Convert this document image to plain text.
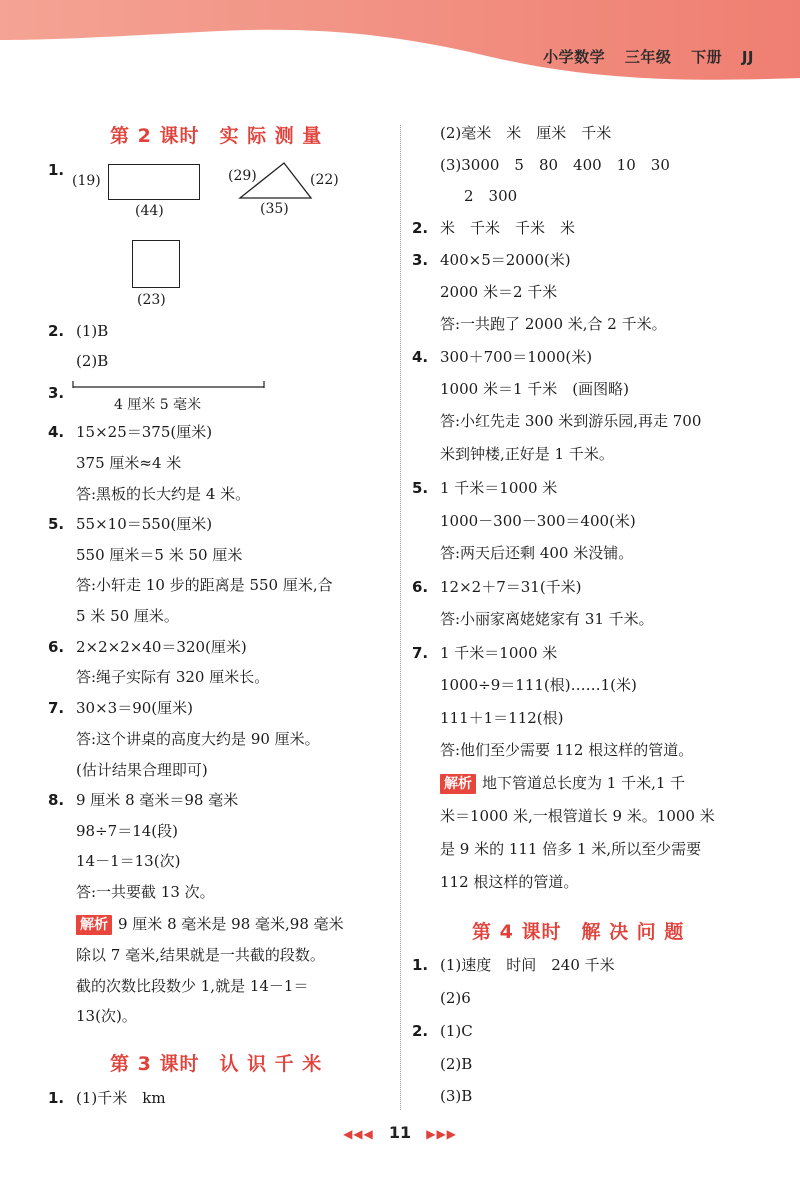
小学数学 三年级 下册 JJ
第 2 课时　实 际 测 量
1.
(19)
(44)
(29)	(22)
(35)
(23)
2. (1)B
(2)B
3.
4 厘米 5 毫米
4. 15×25＝375(厘米)
375 厘米≈4 米
答:黑板的长大约是 4 米。
5. 55×10＝550(厘米)
550 厘米＝5 米 50 厘米
答:小轩走 10 步的距离是 550 厘米,合
5 米 50 厘米。
6. 2×2×2×40＝320(厘米)
答:绳子实际有 320 厘米长。
7. 30×3＝90(厘米)
答:这个讲桌的高度大约是 90 厘米。
(估计结果合理即可)
8. 9 厘米 8 毫米＝98 毫米
98÷7＝14(段)
14－1＝13(次)
答:一共要截 13 次。
解析 9 厘米 8 毫米是 98 毫米,98 毫米
除以 7 毫米,结果就是一共截的段数。
截的次数比段数少 1,就是 14－1＝
13(次)。
第 3 课时　认 识 千 米
1. (1)千米　km
(2)毫米　米　厘米　千米
(3)3000　5　80　400　10　30
2　300
2. 米　千米　千米　米
3. 400×5＝2000(米)
2000 米＝2 千米
答:一共跑了 2000 米,合 2 千米。
4. 300＋700＝1000(米)
1000 米＝1 千米　(画图略)
答:小红先走 300 米到游乐园,再走 700
米到钟楼,正好是 1 千米。
5. 1 千米＝1000 米
1000－300－300＝400(米)
答:两天后还剩 400 米没铺。
6. 12×2＋7＝31(千米)
答:小丽家离姥姥家有 31 千米。
7. 1 千米＝1000 米
1000÷9＝111(根)……1(米)
111＋1＝112(根)
答:他们至少需要 112 根这样的管道。
解析 地下管道总长度为 1 千米,1 千
米＝1000 米,一根管道长 9 米。1000 米
是 9 米的 111 倍多 1 米,所以至少需要
112 根这样的管道。
第 4 课时　解 决 问 题
1. (1)速度　时间　240 千米
(2)6
2. (1)C
(2)B
(3)B
◀◀◀ 11 ▶▶▶
